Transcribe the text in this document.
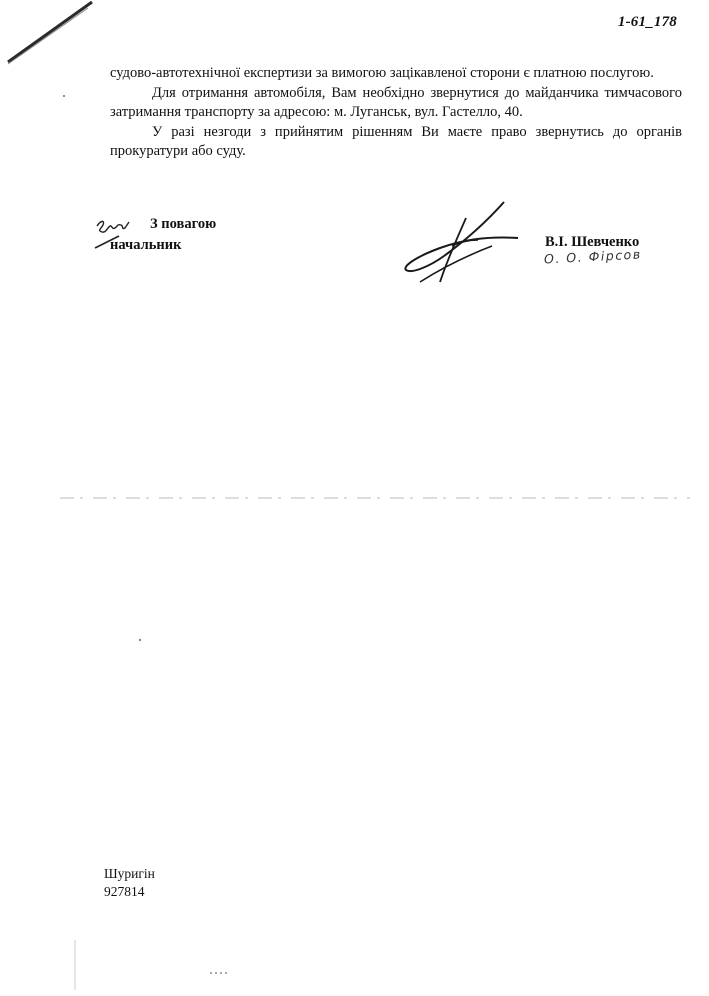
1-61_178

судово-автотехнічної експертизи за вимогою зацікавленої сторони є платною послугою.

Для отримання автомобіля, Вам необхідно звернутися до майданчика тимчасового затримання транспорту за адресою: м. Луганськ, вул. Гастелло, 40.

У разі незгоди з прийнятим рішенням Ви маєте право звернутись до органів прокуратури або суду.

З повагою
начальник	В.І. Шевченко
О. О. Фірсов
Шуригін
927814
